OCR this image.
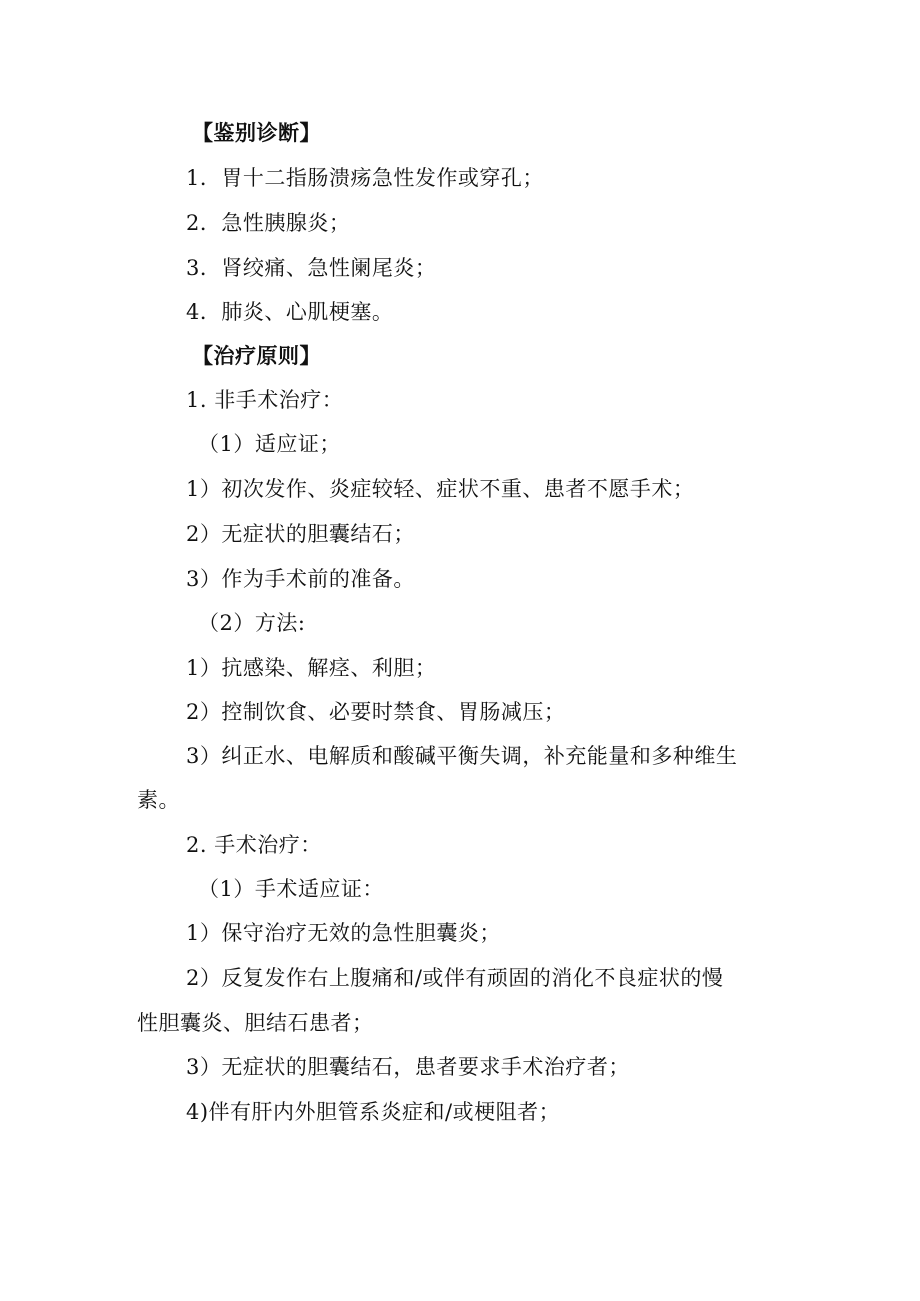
【鉴别诊断】
1．胃十二指肠溃疡急性发作或穿孔；
2．急性胰腺炎；
3．肾绞痛、急性阑尾炎；
4．肺炎、心肌梗塞。
【治疗原则】
1. 非手术治疗：
（1）适应证；
1）初次发作、炎症较轻、症状不重、患者不愿手术；
2）无症状的胆囊结石；
3）作为手术前的准备。
（2）方法:
1）抗感染、解痉、利胆；
2）控制饮食、必要时禁食、胃肠减压；
3）纠正水、电解质和酸碱平衡失调，补充能量和多种维生
素。
2. 手术治疗：
（1）手术适应证：
1）保守治疗无效的急性胆囊炎；
2）反复发作右上腹痛和/或伴有顽固的消化不良症状的慢
性胆囊炎、胆结石患者；
3）无症状的胆囊结石，患者要求手术治疗者；
4)伴有肝内外胆管系炎症和/或梗阻者；
